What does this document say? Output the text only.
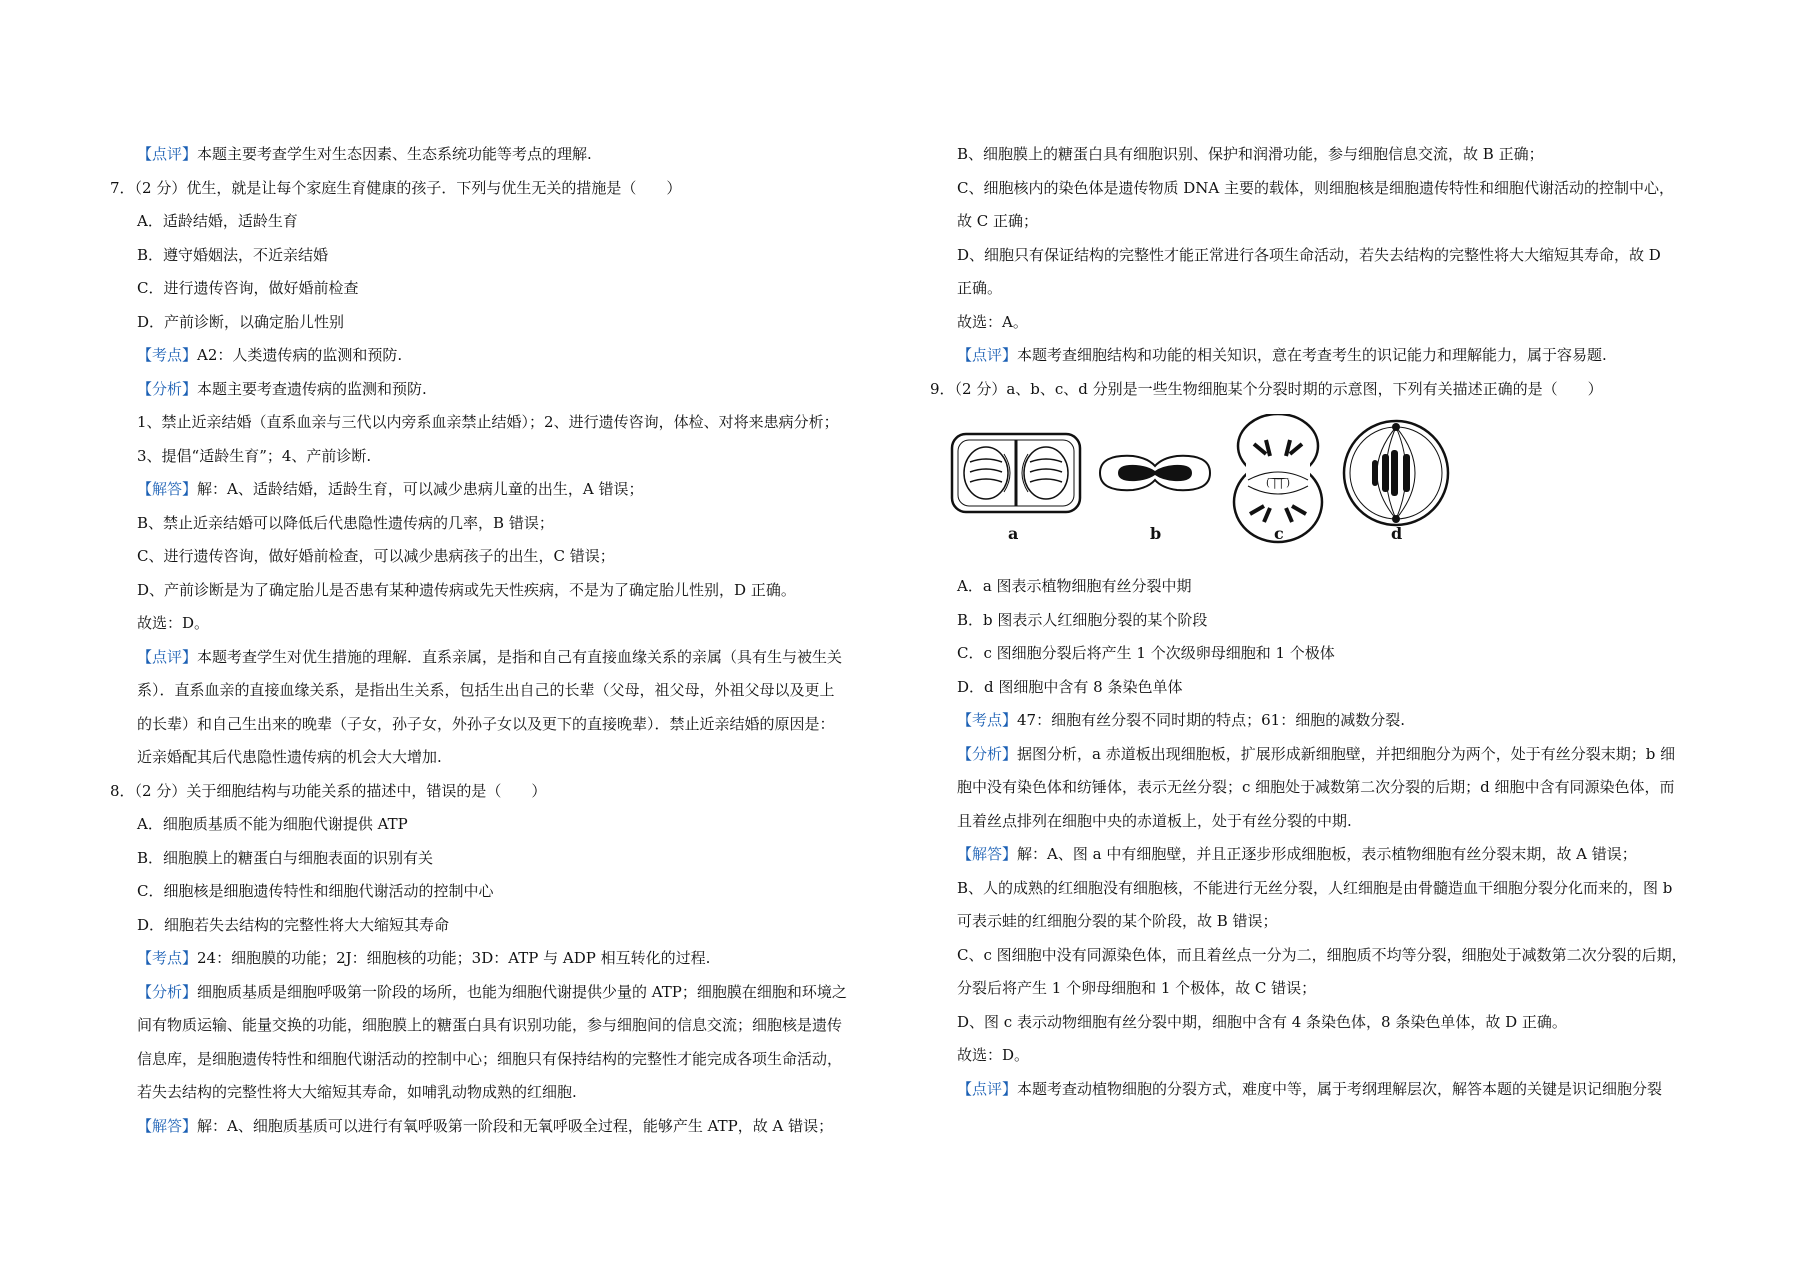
【点评】本题主要考查学生对生态因素、生态系统功能等考点的理解.
7．（2 分）优生，就是让每个家庭生育健康的孩子．下列与优生无关的措施是（　　）
A．适龄结婚，适龄生育
B．遵守婚姻法，不近亲结婚
C．进行遗传咨询，做好婚前检查
D．产前诊断，以确定胎儿性别
【考点】A2：人类遗传病的监测和预防.
【分析】本题主要考查遗传病的监测和预防.
1、禁止近亲结婚（直系血亲与三代以内旁系血亲禁止结婚）；2、进行遗传咨询，体检、对将来患病分析；
3、提倡“适龄生育”；4、产前诊断.
【解答】解：A、适龄结婚，适龄生育，可以减少患病儿童的出生，A 错误；
B、禁止近亲结婚可以降低后代患隐性遗传病的几率，B 错误；
C、进行遗传咨询，做好婚前检查，可以减少患病孩子的出生，C 错误；
D、产前诊断是为了确定胎儿是否患有某种遗传病或先天性疾病，不是为了确定胎儿性别，D 正确。
故选：D。
【点评】本题考查学生对优生措施的理解．直系亲属，是指和自己有直接血缘关系的亲属（具有生与被生关
系）．直系血亲的直接血缘关系，是指出生关系，包括生出自己的长辈（父母，祖父母，外祖父母以及更上
的长辈）和自己生出来的晚辈（子女，孙子女，外孙子女以及更下的直接晚辈）．禁止近亲结婚的原因是：
近亲婚配其后代患隐性遗传病的机会大大增加.
8．（2 分）关于细胞结构与功能关系的描述中，错误的是（　　）
A．细胞质基质不能为细胞代谢提供 ATP
B．细胞膜上的糖蛋白与细胞表面的识别有关
C．细胞核是细胞遗传特性和细胞代谢活动的控制中心
D．细胞若失去结构的完整性将大大缩短其寿命
【考点】24：细胞膜的功能；2J：细胞核的功能；3D：ATP 与 ADP 相互转化的过程.
【分析】细胞质基质是细胞呼吸第一阶段的场所，也能为细胞代谢提供少量的 ATP；细胞膜在细胞和环境之
间有物质运输、能量交换的功能，细胞膜上的糖蛋白具有识别功能，参与细胞间的信息交流；细胞核是遗传
信息库，是细胞遗传特性和细胞代谢活动的控制中心；细胞只有保持结构的完整性才能完成各项生命活动，
若失去结构的完整性将大大缩短其寿命，如哺乳动物成熟的红细胞.
【解答】解：A、细胞质基质可以进行有氧呼吸第一阶段和无氧呼吸全过程，能够产生 ATP，故 A 错误；
B、细胞膜上的糖蛋白具有细胞识别、保护和润滑功能，参与细胞信息交流，故 B 正确；
C、细胞核内的染色体是遗传物质 DNA 主要的载体，则细胞核是细胞遗传特性和细胞代谢活动的控制中心，
故 C 正确；
D、细胞只有保证结构的完整性才能正常进行各项生命活动，若失去结构的完整性将大大缩短其寿命，故 D
正确。
故选：A。
【点评】本题考查细胞结构和功能的相关知识，意在考查考生的识记能力和理解能力，属于容易题.
9．（2 分）a、b、c、d 分别是一些生物细胞某个分裂时期的示意图，下列有关描述正确的是（　　）
( | | )
a	b	c	d
A．a 图表示植物细胞有丝分裂中期
B．b 图表示人红细胞分裂的某个阶段
C．c 图细胞分裂后将产生 1 个次级卵母细胞和 1 个极体
D．d 图细胞中含有 8 条染色单体
【考点】47：细胞有丝分裂不同时期的特点；61：细胞的减数分裂.
【分析】据图分析，a 赤道板出现细胞板，扩展形成新细胞壁，并把细胞分为两个，处于有丝分裂末期；b 细
胞中没有染色体和纺锤体，表示无丝分裂；c 细胞处于减数第二次分裂的后期；d 细胞中含有同源染色体，而
且着丝点排列在细胞中央的赤道板上，处于有丝分裂的中期.
【解答】解：A、图 a 中有细胞壁，并且正逐步形成细胞板，表示植物细胞有丝分裂末期，故 A 错误；
B、人的成熟的红细胞没有细胞核，不能进行无丝分裂，人红细胞是由骨髓造血干细胞分裂分化而来的，图 b
可表示蛙的红细胞分裂的某个阶段，故 B 错误；
C、c 图细胞中没有同源染色体，而且着丝点一分为二，细胞质不均等分裂，细胞处于减数第二次分裂的后期，
分裂后将产生 1 个卵母细胞和 1 个极体，故 C 错误；
D、图 c 表示动物细胞有丝分裂中期，细胞中含有 4 条染色体，8 条染色单体，故 D 正确。
故选：D。
【点评】本题考查动植物细胞的分裂方式，难度中等，属于考纲理解层次，解答本题的关键是识记细胞分裂
